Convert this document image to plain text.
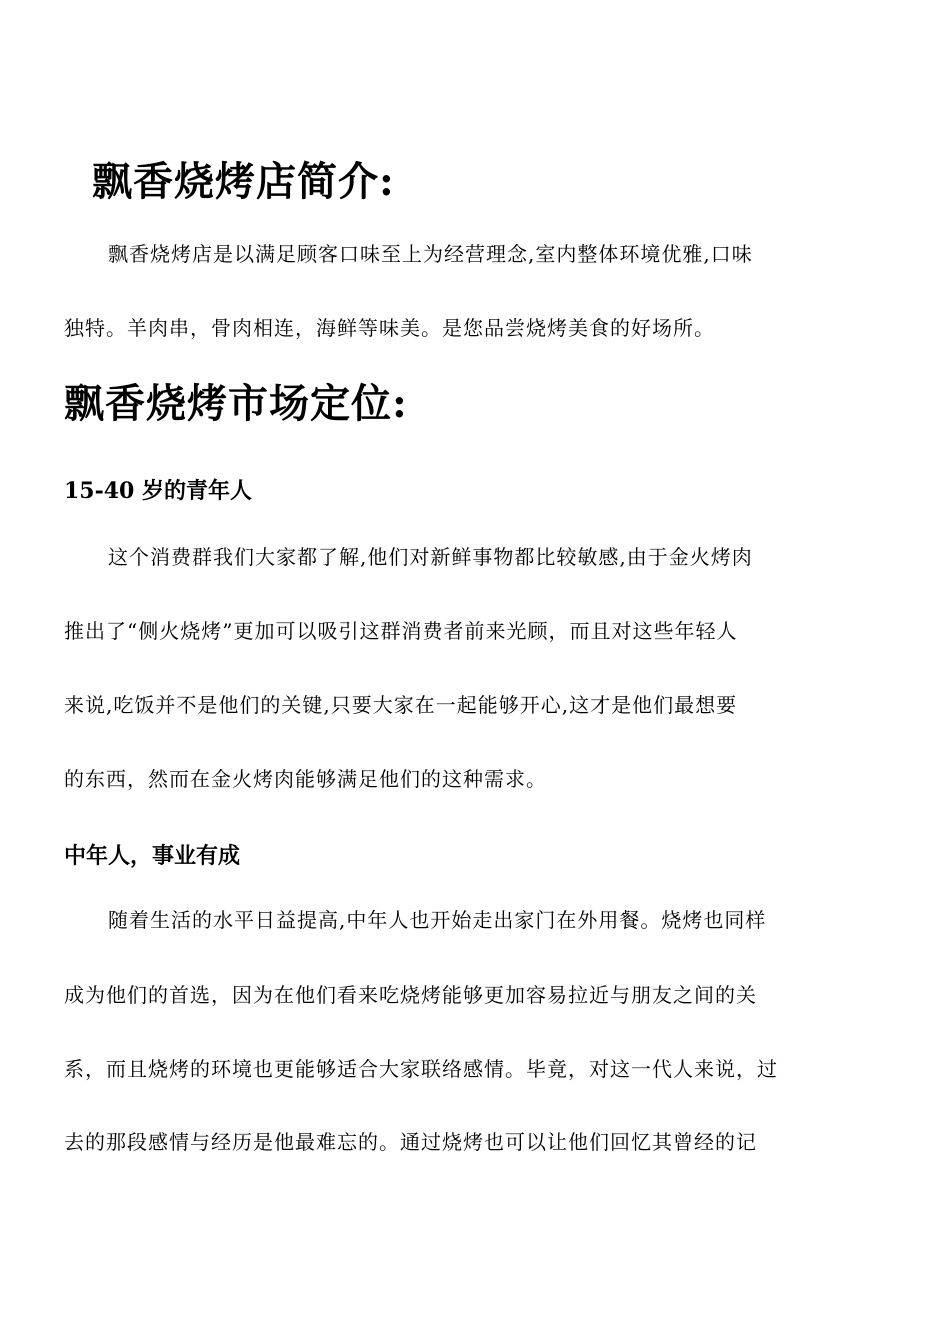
飘香烧烤店简介:
飘香烧烤店是以满足顾客口味至上为经营理念,室内整体环境优雅,口味
独特。羊肉串，骨肉相连，海鲜等味美。是您品尝烧烤美食的好场所。
飘香烧烤市场定位:
15-40 岁的青年人
这个消费群我们大家都了解,他们对新鲜事物都比较敏感,由于金火烤肉
推出了“侧火烧烤”更加可以吸引这群消费者前来光顾，而且对这些年轻人
来说,吃饭并不是他们的关键,只要大家在一起能够开心,这才是他们最想要
的东西，然而在金火烤肉能够满足他们的这种需求。
中年人，事业有成
随着生活的水平日益提高,中年人也开始走出家门在外用餐。烧烤也同样
成为他们的首选，因为在他们看来吃烧烤能够更加容易拉近与朋友之间的关
系，而且烧烤的环境也更能够适合大家联络感情。毕竟，对这一代人来说，过
去的那段感情与经历是他最难忘的。通过烧烤也可以让他们回忆其曾经的记
